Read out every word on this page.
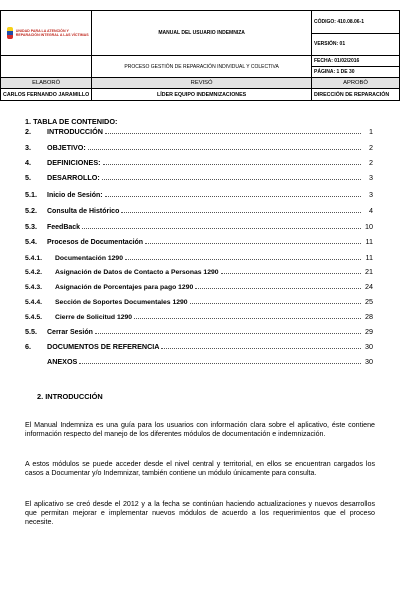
UNIDAD PARA LA ATENCIÓN Y REPARACIÓN INTEGRAL A LAS VÍCTIMAS	MANUAL DEL USUARIO INDEMNIZA	CÓDIGO: 410.08.06-1
		VERSIÓN: 01
	PROCESO GESTIÓN DE REPARACIÓN INDIVIDUAL Y COLECTIVA	FECHA: 01/02/2016
		PÁGINA: 1 DE 30
ELABORÓ	REVISÓ	APROBÓ
CARLOS FERNANDO JARAMILLO	LÍDER EQUIPO INDEMNIZACIONES	DIRECCIÓN DE REPARACIÓN
1. TABLA DE CONTENIDO:
2.	INTRODUCCIÓN	1
3.	OBJETIVO:	2
4.	DEFINICIONES:	2
5.	DESARROLLO:	3
5.1.	Inicio de Sesión:	3
5.2.	Consulta de Histórico	4
5.3.	FeedBack	10
5.4.	Procesos de Documentación	11
5.4.1.	Documentación 1290	11
5.4.2.	Asignación de Datos de Contacto a Personas 1290	21
5.4.3.	Asignación de Porcentajes para pago 1290	24
5.4.4.	Sección de Soportes Documentales 1290	25
5.4.5.	Cierre de Solicitud 1290	28
5.5.	Cerrar Sesión	29
6.	DOCUMENTOS DE REFERENCIA	30
ANEXOS	30
2. INTRODUCCIÓN
El Manual Indemniza es una guía para los usuarios con información clara sobre el aplicativo, éste contiene información respecto del manejo de los diferentes módulos de documentación e indemnización.
A estos módulos se puede acceder desde el nivel central y territorial, en ellos se encuentran cargados los casos a Documentar y/o Indemnizar, también contiene un módulo únicamente para consulta.
El aplicativo se creó desde el 2012 y a la fecha se continúan haciendo actualizaciones y nuevos desarrollos que permitan mejorar e implementar nuevos módulos de acuerdo a los requerimientos que el proceso necesite.
